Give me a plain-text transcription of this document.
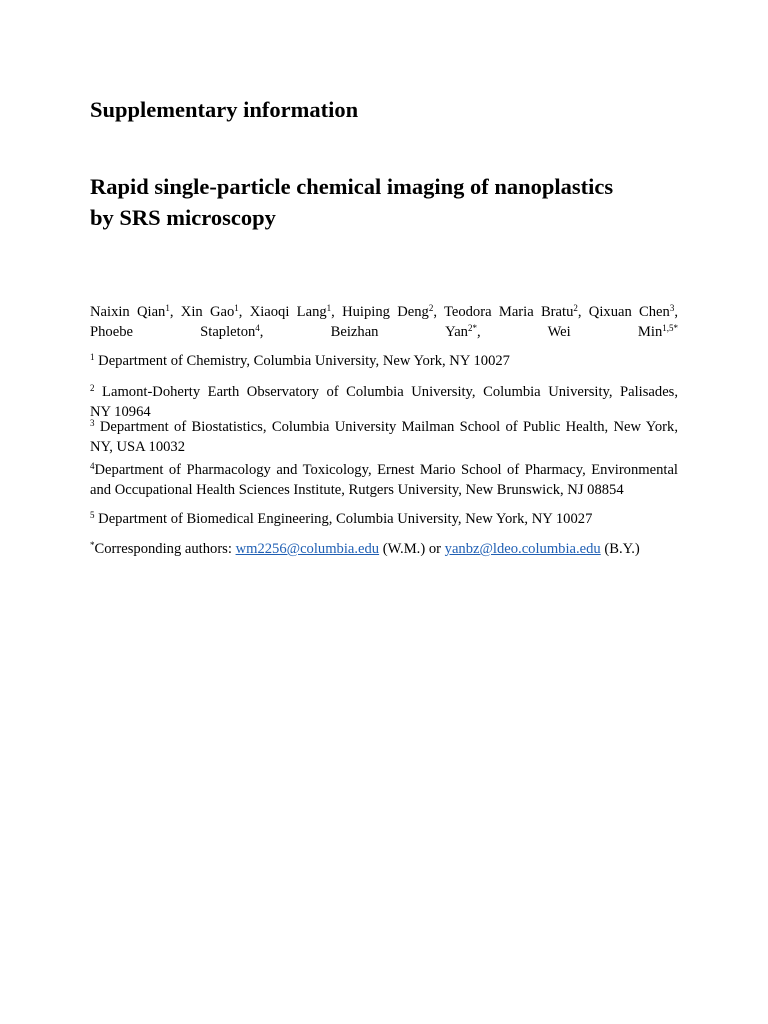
Supplementary information
Rapid single-particle chemical imaging of nanoplastics
by SRS microscopy

Naixin Qian$^1$, Xin Gao$^1$, Xiaoqi Lang$^1$, Huiping Deng$^2$, Teodora Maria Bratu$^2$, Qixuan Chen$^3$, Phoebe Stapleton$^4$, Beizhan Yan$^{2*}$, Wei Min$^{1,5*}$

$^1$ Department of Chemistry, Columbia University, New York, NY 10027

$^2$ Lamont-Doherty Earth Observatory of Columbia University, Columbia University, Palisades,
NY 10964

$^3$ Department of Biostatistics, Columbia University Mailman School of Public Health, New York,
NY, USA 10032

$^4$Department of Pharmacology and Toxicology, Ernest Mario School of Pharmacy, Environmental
and Occupational Health Sciences Institute, Rutgers University, New Brunswick, NJ 08854

$^5$ Department of Biomedical Engineering, Columbia University, New York, NY 10027

*Corresponding authors: wm2256@columbia.edu (W.M.) or yanbz@ldeo.columbia.edu (B.Y.)
